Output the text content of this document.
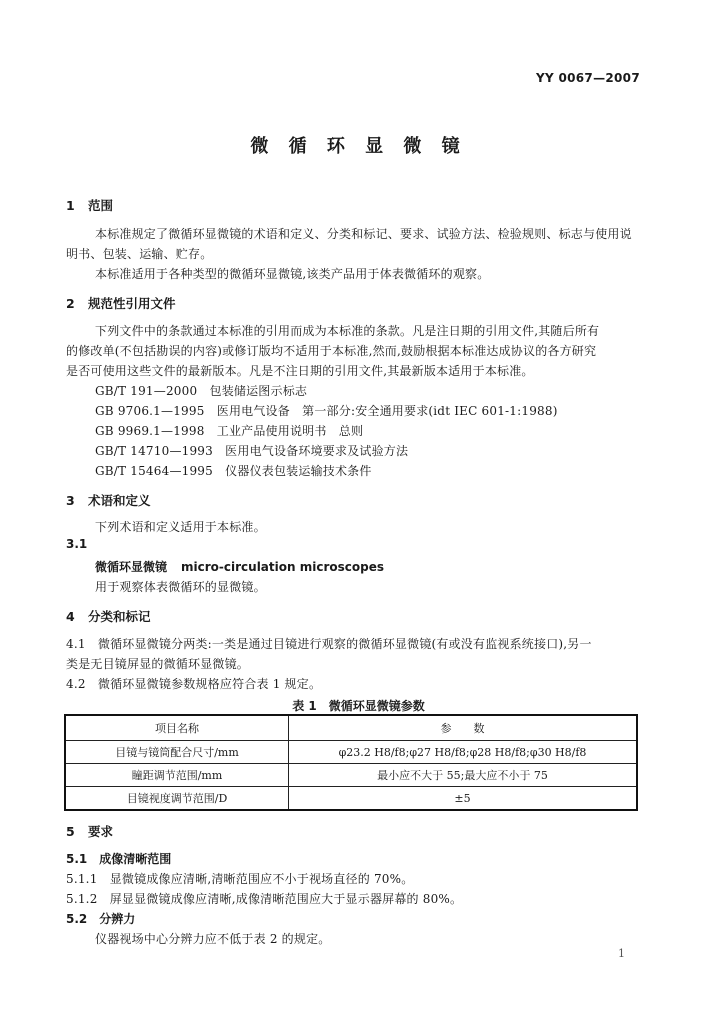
YY 0067—2007
微 循 环 显 微 镜
1 范围
本标准规定了微循环显微镜的术语和定义、分类和标记、要求、试验方法、检验规则、标志与使用说
明书、包装、运输、贮存。
本标准适用于各种类型的微循环显微镜,该类产品用于体表微循环的观察。
2 规范性引用文件
下列文件中的条款通过本标准的引用而成为本标准的条款。凡是注日期的引用文件,其随后所有
的修改单(不包括勘误的内容)或修订版均不适用于本标准,然而,鼓励根据本标准达成协议的各方研究
是否可使用这些文件的最新版本。凡是不注日期的引用文件,其最新版本适用于本标准。
GB/T 191—2000　包装储运图示标志
GB 9706.1—1995　医用电气设备　第一部分:安全通用要求(idt IEC 601-1:1988)
GB 9969.1—1998　工业产品使用说明书　总则
GB/T 14710—1993　医用电气设备环境要求及试验方法
GB/T 15464—1995　仪器仪表包装运输技术条件
3 术语和定义
下列术语和定义适用于本标准。
3.1
微循环显微镜 micro-circulation microscopes
用于观察体表微循环的显微镜。
4 分类和标记
4.1　微循环显微镜分两类:一类是通过目镜进行观察的微循环显微镜(有或没有监视系统接口),另一
类是无目镜屏显的微循环显微镜。
4.2　微循环显微镜参数规格应符合表 1 规定。
表 1　微循环显微镜参数
项目名称	参　　数
目镜与镜筒配合尺寸/mm	φ23.2 H8/f8;φ27 H8/f8;φ28 H8/f8;φ30 H8/f8
瞳距调节范围/mm	最小应不大于 55;最大应不小于 75
目镜视度调节范围/D	±5
5 要求
5.1　成像清晰范围
5.1.1　显微镜成像应清晰,清晰范围应不小于视场直径的 70%。
5.1.2　屏显显微镜成像应清晰,成像清晰范围应大于显示器屏幕的 80%。
5.2　分辨力
仪器视场中心分辨力应不低于表 2 的规定。
1
